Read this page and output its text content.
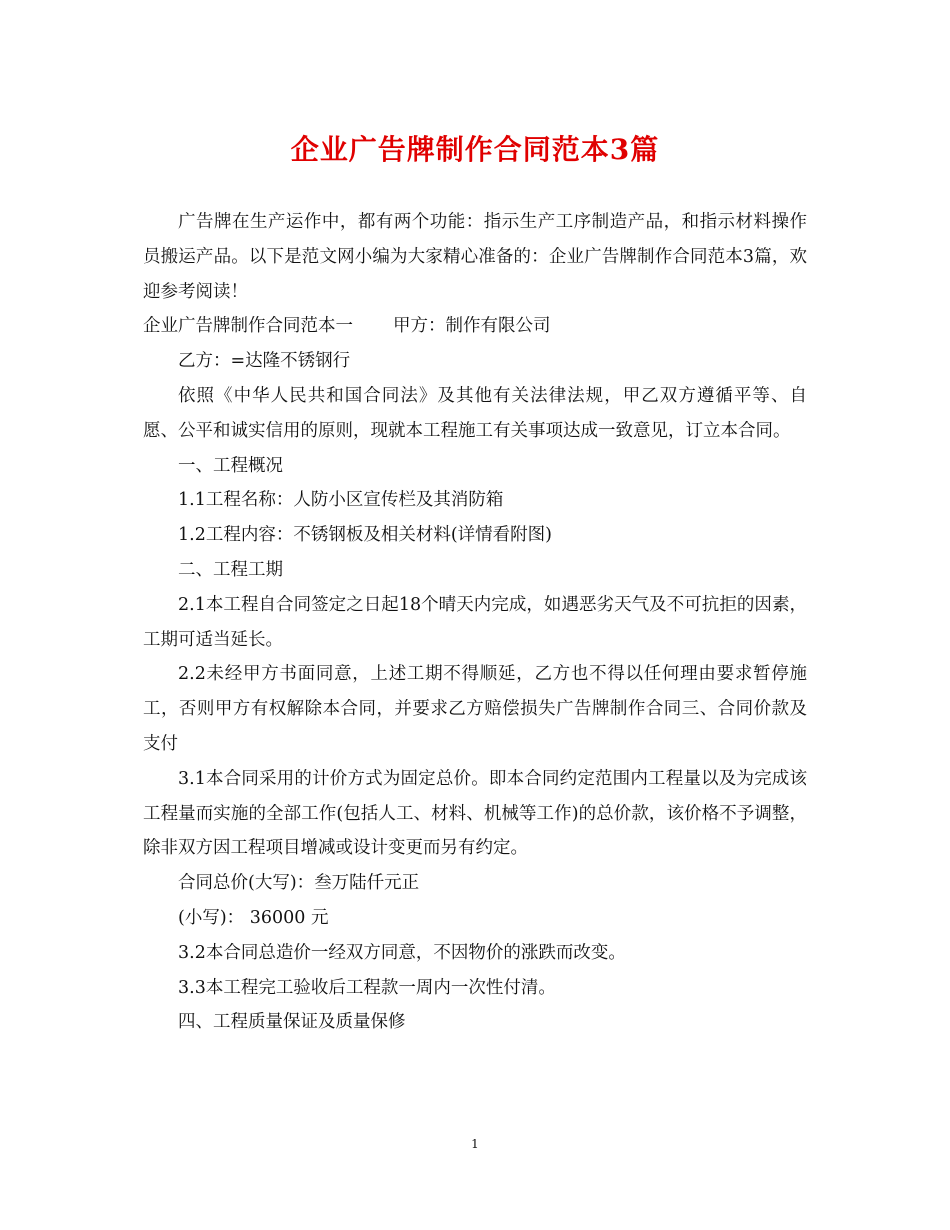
企业广告牌制作合同范本3篇

广告牌在生产运作中，都有两个功能：指示生产工序制造产品，和指示材料操作员搬运产品。以下是范文网小编为大家精心准备的：企业广告牌制作合同范本3篇，欢迎参考阅读！

企业广告牌制作合同范本一 甲方：制作有限公司

乙方：=达隆不锈钢行

依照《中华人民共和国合同法》及其他有关法律法规，甲乙双方遵循平等、自愿、公平和诚实信用的原则，现就本工程施工有关事项达成一致意见，订立本合同。

一、工程概况

1.1工程名称：人防小区宣传栏及其消防箱

1.2工程内容：不锈钢板及相关材料(详情看附图)

二、工程工期

2.1本工程自合同签定之日起18个晴天内完成，如遇恶劣天气及不可抗拒的因素，工期可适当延长。

2.2未经甲方书面同意，上述工期不得顺延，乙方也不得以任何理由要求暂停施工，否则甲方有权解除本合同，并要求乙方赔偿损失广告牌制作合同三、合同价款及支付

3.1本合同采用的计价方式为固定总价。即本合同约定范围内工程量以及为完成该工程量而实施的全部工作(包括人工、材料、机械等工作)的总价款，该价格不予调整，除非双方因工程项目增减或设计变更而另有约定。

合同总价(大写)：叁万陆仟元正

(小写)： 36000 元

3.2本合同总造价一经双方同意，不因物价的涨跌而改变。

3.3本工程完工验收后工程款一周内一次性付清。

四、工程质量保证及质量保修

1
